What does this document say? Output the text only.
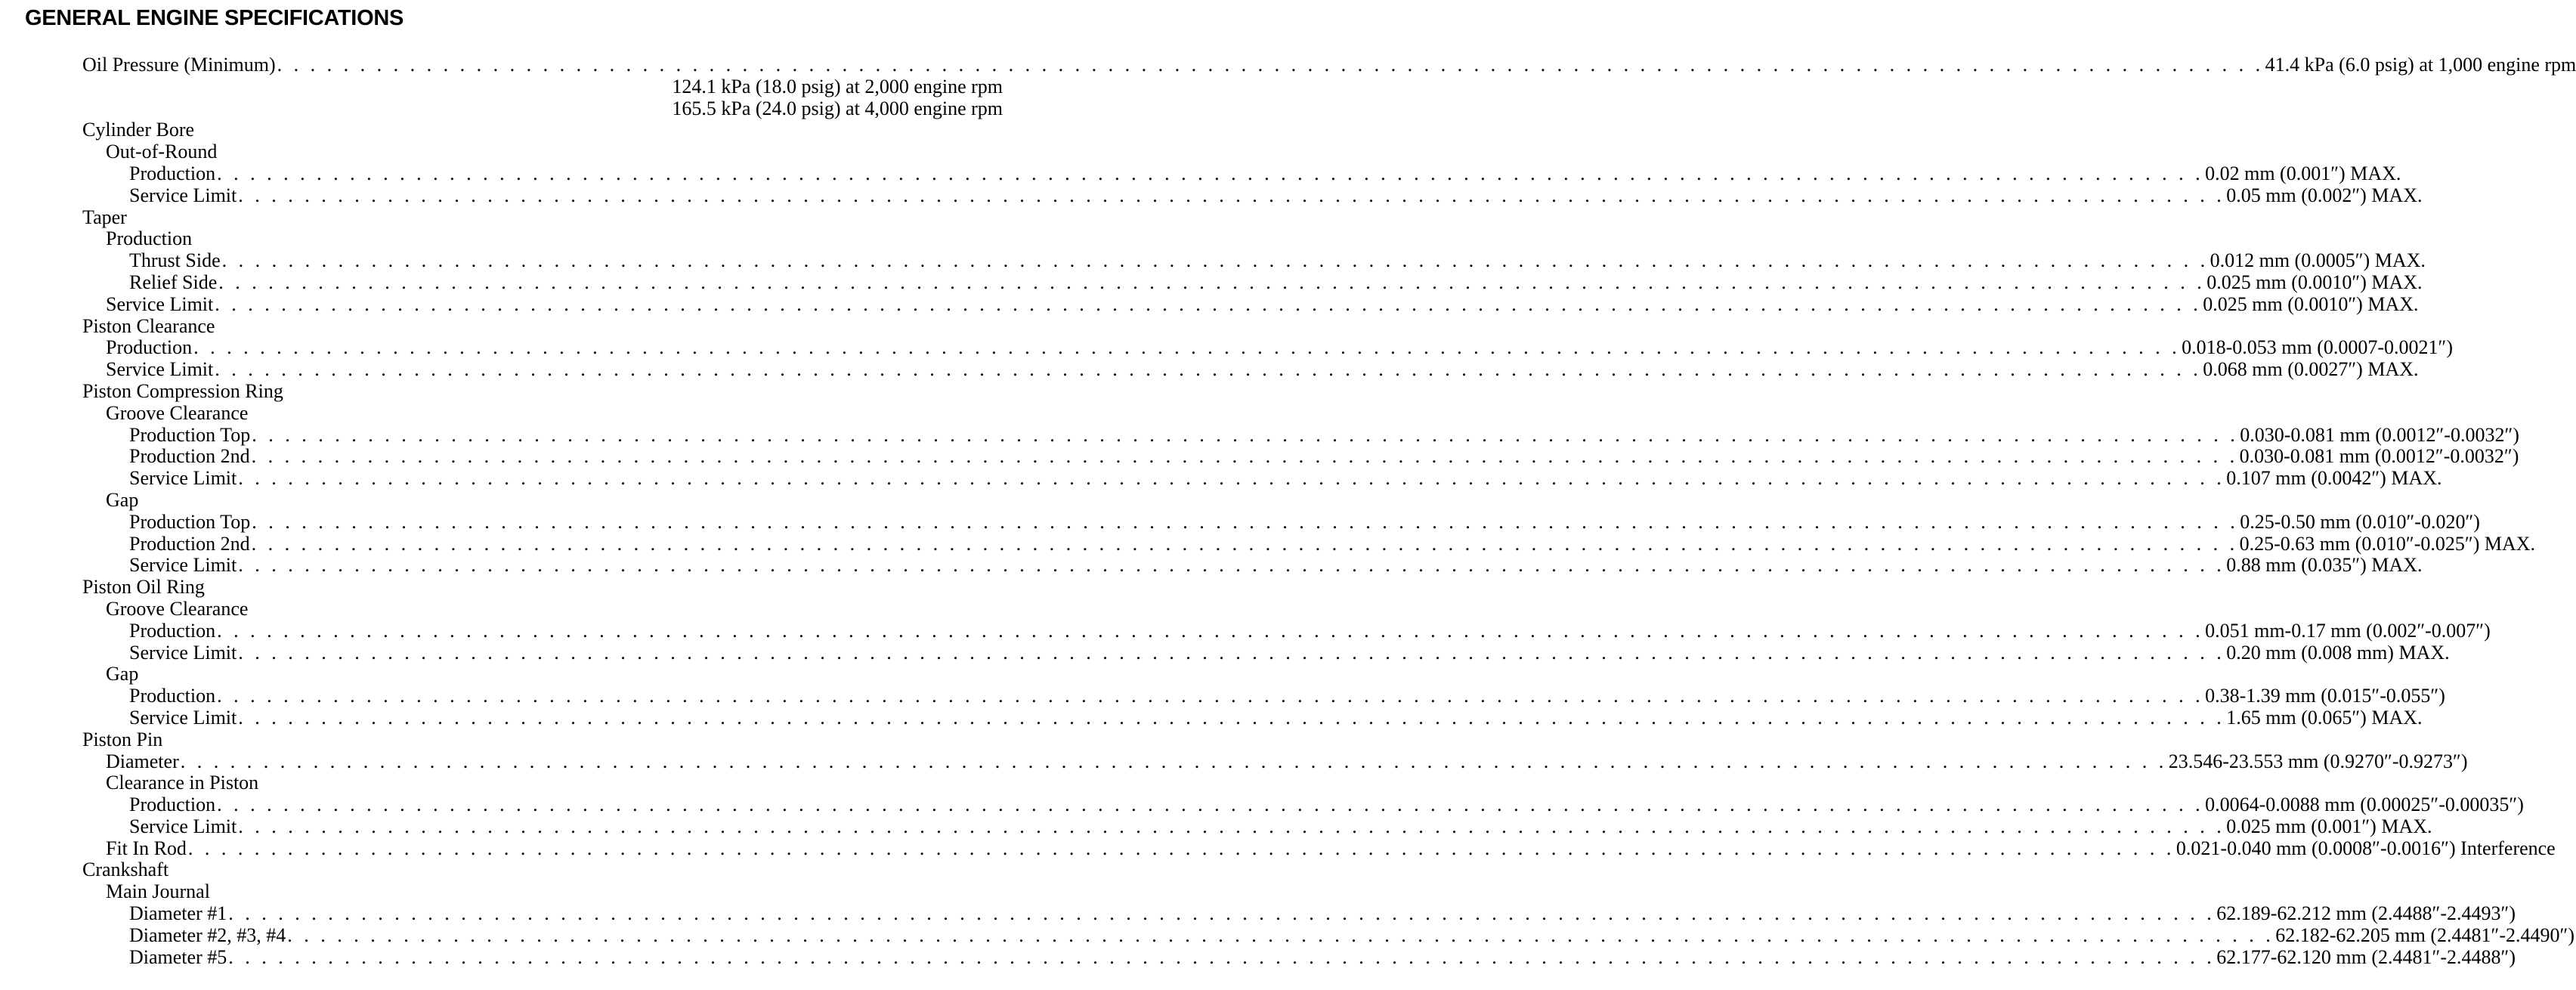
GENERAL ENGINE SPECIFICATIONS
Oil Pressure (Minimum) . . . . . . . . . . . . . . . . . . . . . . . . . . . . . . . . . . . . . . . . . . . . . . . . . . . . . . . . . . . . . . . . . . . . . . . . . . . . . . . . . . . . . . . . . . . . . . . . . . . . . . . . . . . . . . . . . . . . . . . . 41.4 kPa (6.0 psig) at 1,000 engine rpm
124.1 kPa (18.0 psig) at 2,000 engine rpm
165.5 kPa (24.0 psig) at 4,000 engine rpm
Cylinder Bore
Out-of-Round
Production . . . . . . . . . . . . . . . . . . . . . . . . . . . . . . . . . . . . . . . . . . . . . . . . . . . . . . . . . . . . . . . . . . . . . . . . . . . . . . . . . . . . . . . . . . . . . . . . . . . . . . . . . . . . . . . . . . . . . . . . 0.02 mm (0.001″) MAX.
Service Limit . . . . . . . . . . . . . . . . . . . . . . . . . . . . . . . . . . . . . . . . . . . . . . . . . . . . . . . . . . . . . . . . . . . . . . . . . . . . . . . . . . . . . . . . . . . . . . . . . . . . . . . . . . . . . . . . . . . . . . . . 0.05 mm (0.002″) MAX.
Taper
Production
Thrust Side . . . . . . . . . . . . . . . . . . . . . . . . . . . . . . . . . . . . . . . . . . . . . . . . . . . . . . . . . . . . . . . . . . . . . . . . . . . . . . . . . . . . . . . . . . . . . . . . . . . . . . . . . . . . . . . . . . . . . . . . 0.012 mm (0.0005″) MAX.
Relief Side . . . . . . . . . . . . . . . . . . . . . . . . . . . . . . . . . . . . . . . . . . . . . . . . . . . . . . . . . . . . . . . . . . . . . . . . . . . . . . . . . . . . . . . . . . . . . . . . . . . . . . . . . . . . . . . . . . . . . . . . 0.025 mm (0.0010″) MAX.
Service Limit . . . . . . . . . . . . . . . . . . . . . . . . . . . . . . . . . . . . . . . . . . . . . . . . . . . . . . . . . . . . . . . . . . . . . . . . . . . . . . . . . . . . . . . . . . . . . . . . . . . . . . . . . . . . . . . . . . . . . . . . 0.025 mm (0.0010″) MAX.
Piston Clearance
Production . . . . . . . . . . . . . . . . . . . . . . . . . . . . . . . . . . . . . . . . . . . . . . . . . . . . . . . . . . . . . . . . . . . . . . . . . . . . . . . . . . . . . . . . . . . . . . . . . . . . . . . . . . . . . . . . . . . . . . . . 0.018-0.053 mm (0.0007-0.0021″)
Service Limit . . . . . . . . . . . . . . . . . . . . . . . . . . . . . . . . . . . . . . . . . . . . . . . . . . . . . . . . . . . . . . . . . . . . . . . . . . . . . . . . . . . . . . . . . . . . . . . . . . . . . . . . . . . . . . . . . . . . . . . . 0.068 mm (0.0027″) MAX.
Piston Compression Ring
Groove Clearance
Production Top . . . . . . . . . . . . . . . . . . . . . . . . . . . . . . . . . . . . . . . . . . . . . . . . . . . . . . . . . . . . . . . . . . . . . . . . . . . . . . . . . . . . . . . . . . . . . . . . . . . . . . . . . . . . . . . . . . . . . . . . 0.030-0.081 mm (0.0012″-0.0032″)
Production 2nd . . . . . . . . . . . . . . . . . . . . . . . . . . . . . . . . . . . . . . . . . . . . . . . . . . . . . . . . . . . . . . . . . . . . . . . . . . . . . . . . . . . . . . . . . . . . . . . . . . . . . . . . . . . . . . . . . . . . . . . . 0.030-0.081 mm (0.0012″-0.0032″)
Service Limit . . . . . . . . . . . . . . . . . . . . . . . . . . . . . . . . . . . . . . . . . . . . . . . . . . . . . . . . . . . . . . . . . . . . . . . . . . . . . . . . . . . . . . . . . . . . . . . . . . . . . . . . . . . . . . . . . . . . . . . . 0.107 mm (0.0042″) MAX.
Gap
Production Top . . . . . . . . . . . . . . . . . . . . . . . . . . . . . . . . . . . . . . . . . . . . . . . . . . . . . . . . . . . . . . . . . . . . . . . . . . . . . . . . . . . . . . . . . . . . . . . . . . . . . . . . . . . . . . . . . . . . . . . . 0.25-0.50 mm (0.010″-0.020″)
Production 2nd . . . . . . . . . . . . . . . . . . . . . . . . . . . . . . . . . . . . . . . . . . . . . . . . . . . . . . . . . . . . . . . . . . . . . . . . . . . . . . . . . . . . . . . . . . . . . . . . . . . . . . . . . . . . . . . . . . . . . . . . 0.25-0.63 mm (0.010″-0.025″) MAX.
Service Limit . . . . . . . . . . . . . . . . . . . . . . . . . . . . . . . . . . . . . . . . . . . . . . . . . . . . . . . . . . . . . . . . . . . . . . . . . . . . . . . . . . . . . . . . . . . . . . . . . . . . . . . . . . . . . . . . . . . . . . . . 0.88 mm (0.035″) MAX.
Piston Oil Ring
Groove Clearance
Production . . . . . . . . . . . . . . . . . . . . . . . . . . . . . . . . . . . . . . . . . . . . . . . . . . . . . . . . . . . . . . . . . . . . . . . . . . . . . . . . . . . . . . . . . . . . . . . . . . . . . . . . . . . . . . . . . . . . . . . . 0.051 mm-0.17 mm (0.002″-0.007″)
Service Limit . . . . . . . . . . . . . . . . . . . . . . . . . . . . . . . . . . . . . . . . . . . . . . . . . . . . . . . . . . . . . . . . . . . . . . . . . . . . . . . . . . . . . . . . . . . . . . . . . . . . . . . . . . . . . . . . . . . . . . . . 0.20 mm (0.008 mm) MAX.
Gap
Production . . . . . . . . . . . . . . . . . . . . . . . . . . . . . . . . . . . . . . . . . . . . . . . . . . . . . . . . . . . . . . . . . . . . . . . . . . . . . . . . . . . . . . . . . . . . . . . . . . . . . . . . . . . . . . . . . . . . . . . . 0.38-1.39 mm (0.015″-0.055″)
Service Limit . . . . . . . . . . . . . . . . . . . . . . . . . . . . . . . . . . . . . . . . . . . . . . . . . . . . . . . . . . . . . . . . . . . . . . . . . . . . . . . . . . . . . . . . . . . . . . . . . . . . . . . . . . . . . . . . . . . . . . . . 1.65 mm (0.065″) MAX.
Piston Pin
Diameter . . . . . . . . . . . . . . . . . . . . . . . . . . . . . . . . . . . . . . . . . . . . . . . . . . . . . . . . . . . . . . . . . . . . . . . . . . . . . . . . . . . . . . . . . . . . . . . . . . . . . . . . . . . . . . . . . . . . . . . . 23.546-23.553 mm (0.9270″-0.9273″)
Clearance in Piston
Production . . . . . . . . . . . . . . . . . . . . . . . . . . . . . . . . . . . . . . . . . . . . . . . . . . . . . . . . . . . . . . . . . . . . . . . . . . . . . . . . . . . . . . . . . . . . . . . . . . . . . . . . . . . . . . . . . . . . . . . . 0.0064-0.0088 mm (0.00025″-0.00035″)
Service Limit . . . . . . . . . . . . . . . . . . . . . . . . . . . . . . . . . . . . . . . . . . . . . . . . . . . . . . . . . . . . . . . . . . . . . . . . . . . . . . . . . . . . . . . . . . . . . . . . . . . . . . . . . . . . . . . . . . . . . . . . 0.025 mm (0.001″) MAX.
Fit In Rod . . . . . . . . . . . . . . . . . . . . . . . . . . . . . . . . . . . . . . . . . . . . . . . . . . . . . . . . . . . . . . . . . . . . . . . . . . . . . . . . . . . . . . . . . . . . . . . . . . . . . . . . . . . . . . . . . . . . . . . . 0.021-0.040 mm (0.0008″-0.0016″) Interference
Crankshaft
Main Journal
Diameter #1 . . . . . . . . . . . . . . . . . . . . . . . . . . . . . . . . . . . . . . . . . . . . . . . . . . . . . . . . . . . . . . . . . . . . . . . . . . . . . . . . . . . . . . . . . . . . . . . . . . . . . . . . . . . . . . . . . . . . . . . . 62.189-62.212 mm (2.4488″-2.4493″)
Diameter #2, #3, #4 . . . . . . . . . . . . . . . . . . . . . . . . . . . . . . . . . . . . . . . . . . . . . . . . . . . . . . . . . . . . . . . . . . . . . . . . . . . . . . . . . . . . . . . . . . . . . . . . . . . . . . . . . . . . . . . . . . . . . . . . 62.182-62.205 mm (2.4481″-2.4490″)
Diameter #5 . . . . . . . . . . . . . . . . . . . . . . . . . . . . . . . . . . . . . . . . . . . . . . . . . . . . . . . . . . . . . . . . . . . . . . . . . . . . . . . . . . . . . . . . . . . . . . . . . . . . . . . . . . . . . . . . . . . . . . . . 62.177-62.120 mm (2.4481″-2.4488″)
